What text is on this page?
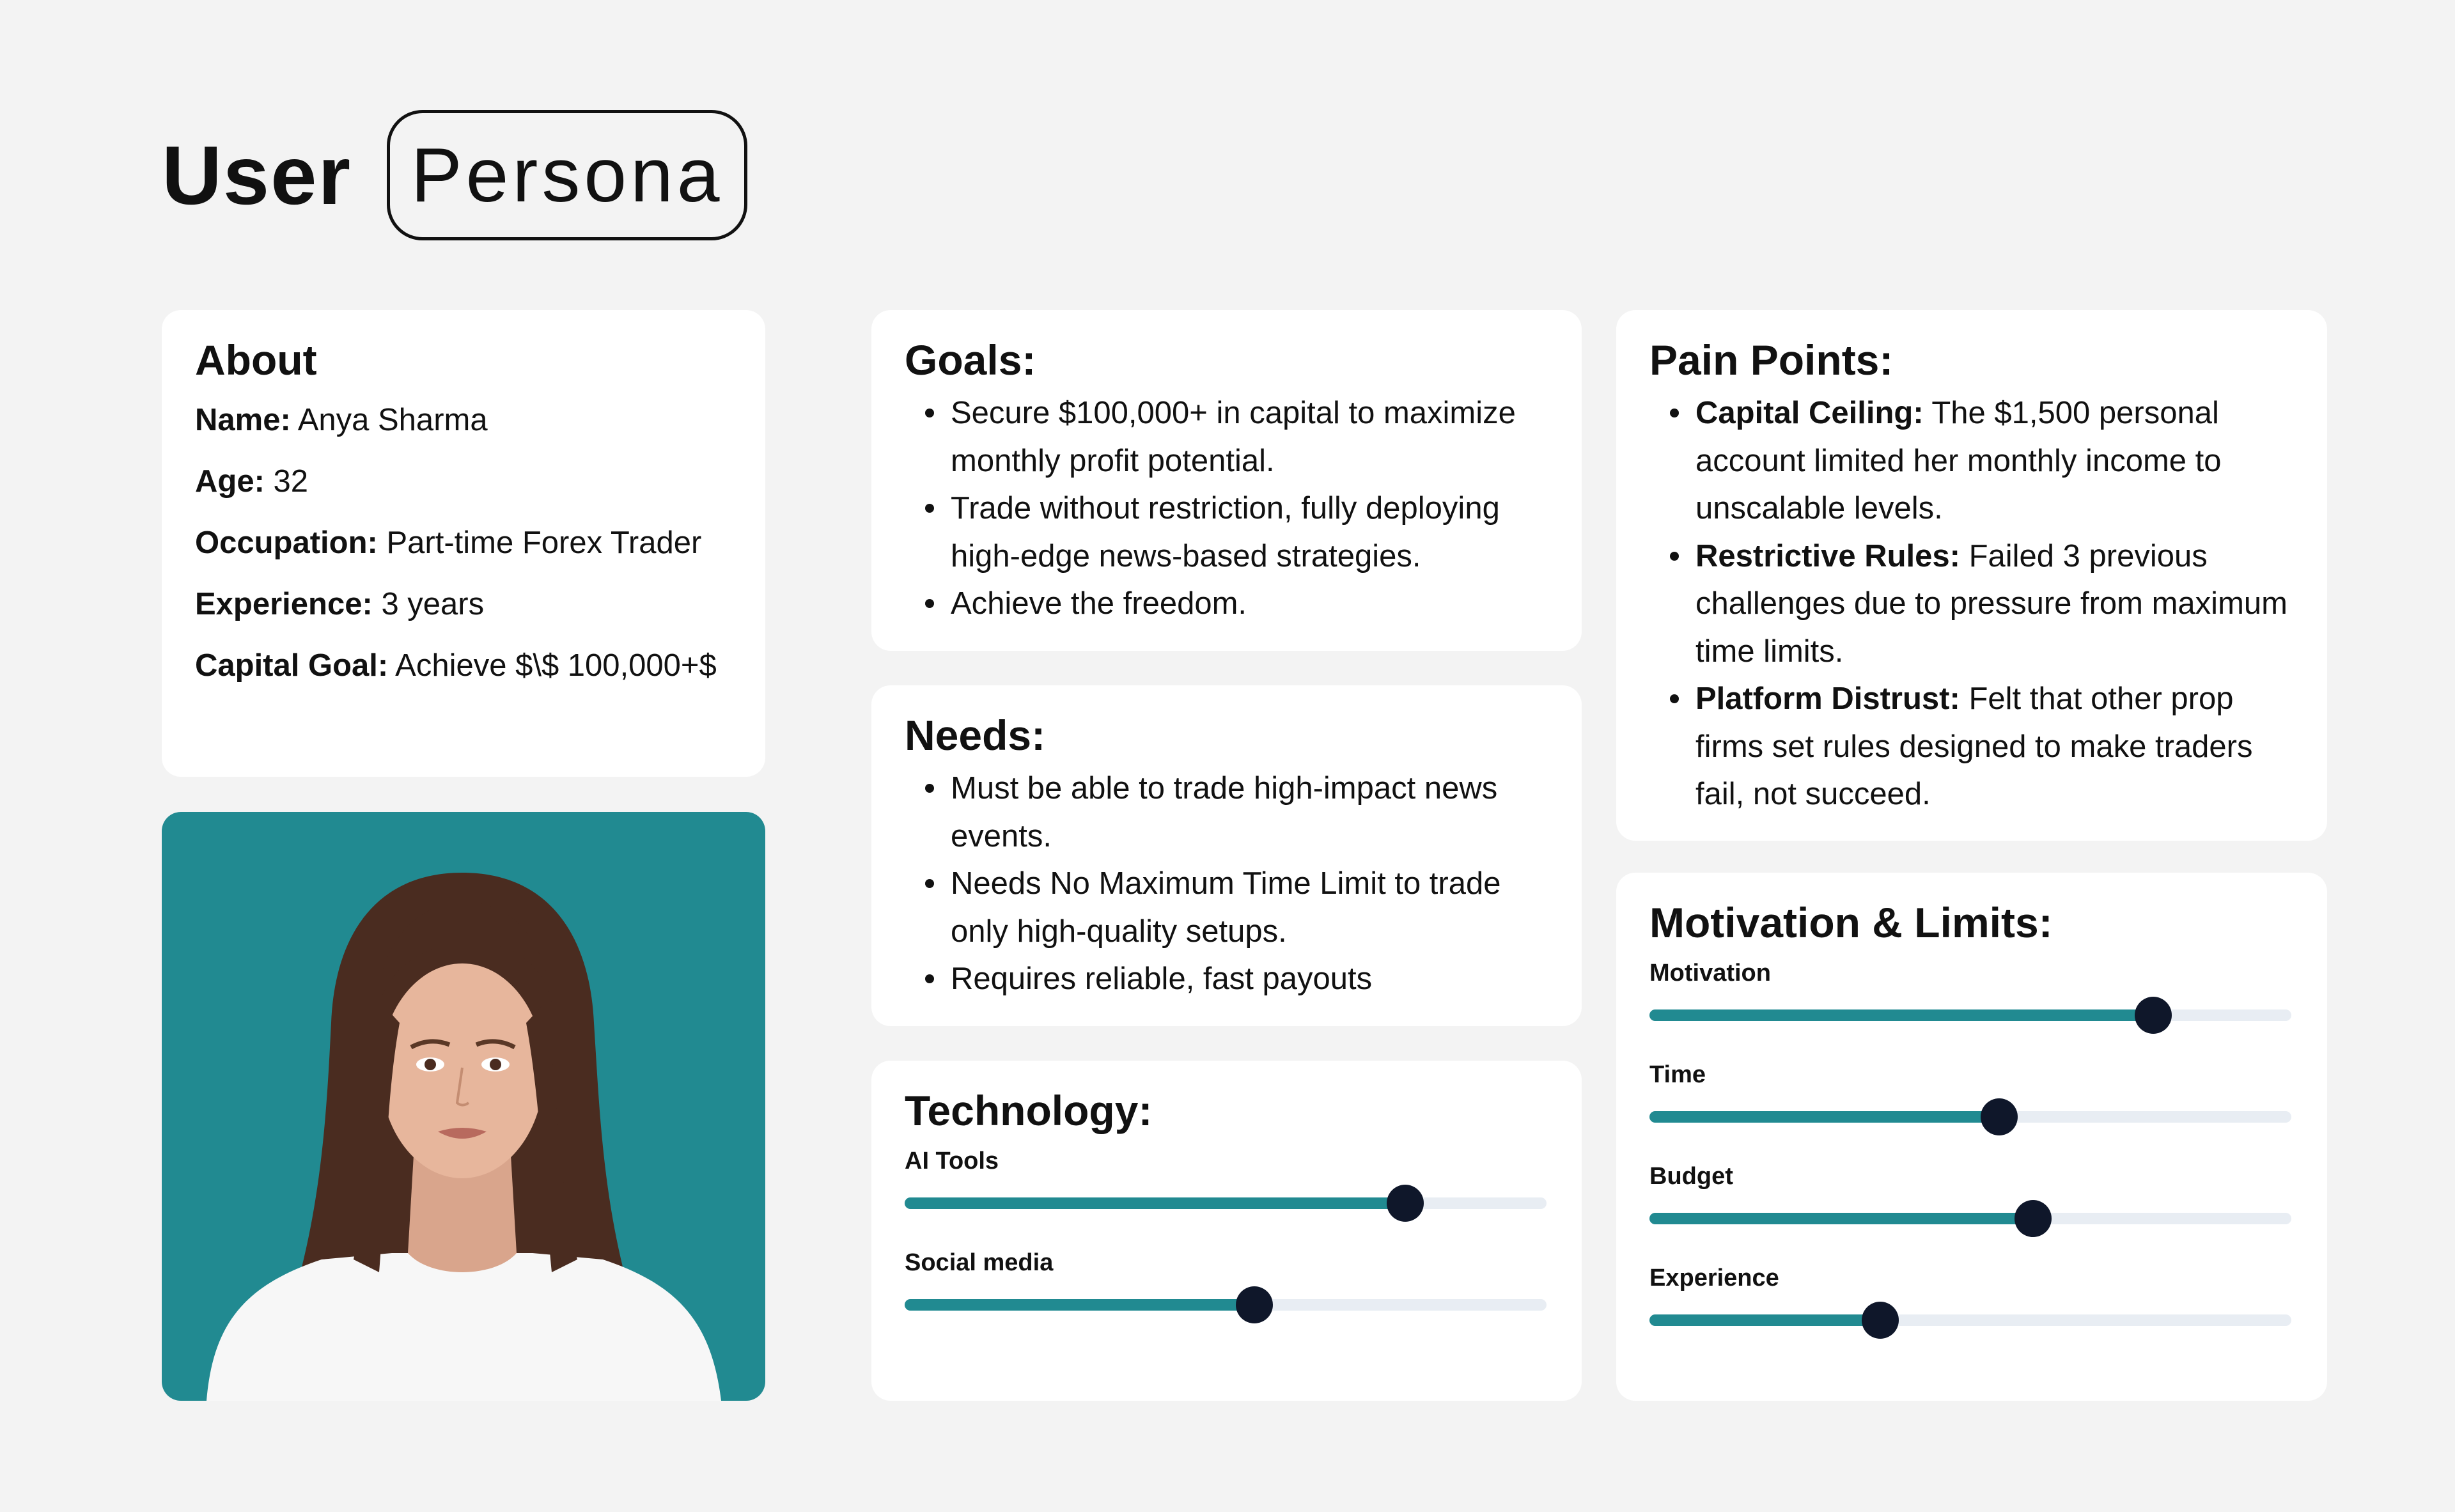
User Persona
About
Name: Anya Sharma
Age: 32
Occupation: Part-time Forex Trader
Experience: 3 years
Capital Goal: Achieve $\$ 100,000+$
Goals:
Secure $100,000+ in capital to maximize monthly profit potential.
Trade without restriction, fully deploying high-edge news-based strategies.
Achieve the freedom.
Needs:
Must be able to trade high-impact news events.
Needs No Maximum Time Limit to trade only high-quality setups.
Requires reliable, fast payouts
Technology:
AI Tools
Social media
Pain Points:
Capital Ceiling: The $1,500 personal account limited her monthly income to unscalable levels.
Restrictive Rules: Failed 3 previous challenges due to pressure from maximum time limits.
Platform Distrust: Felt that other prop firms set rules designed to make traders fail, not succeed.
Motivation & Limits:
Motivation
Time
Budget
Experience
